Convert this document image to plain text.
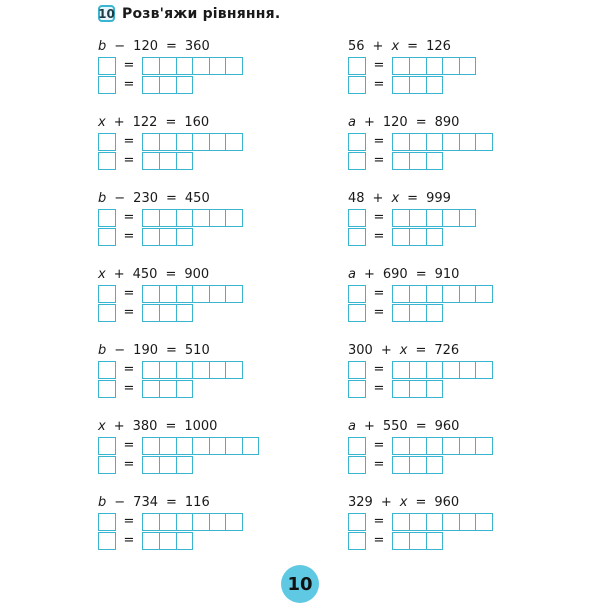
10 Розв'яжи рівняння.
b − 120 = 360
=
=
x + 122 = 160
=
=
b − 230 = 450
=
=
x + 450 = 900
=
=
b − 190 = 510
=
=
x + 380 = 1000
=
=
b − 734 = 116
=
=
56 + x = 126
=
=
a + 120 = 890
=
=
48 + x = 999
=
=
a + 690 = 910
=
=
300 + x = 726
=
=
a + 550 = 960
=
=
329 + x = 960
=
=
10
